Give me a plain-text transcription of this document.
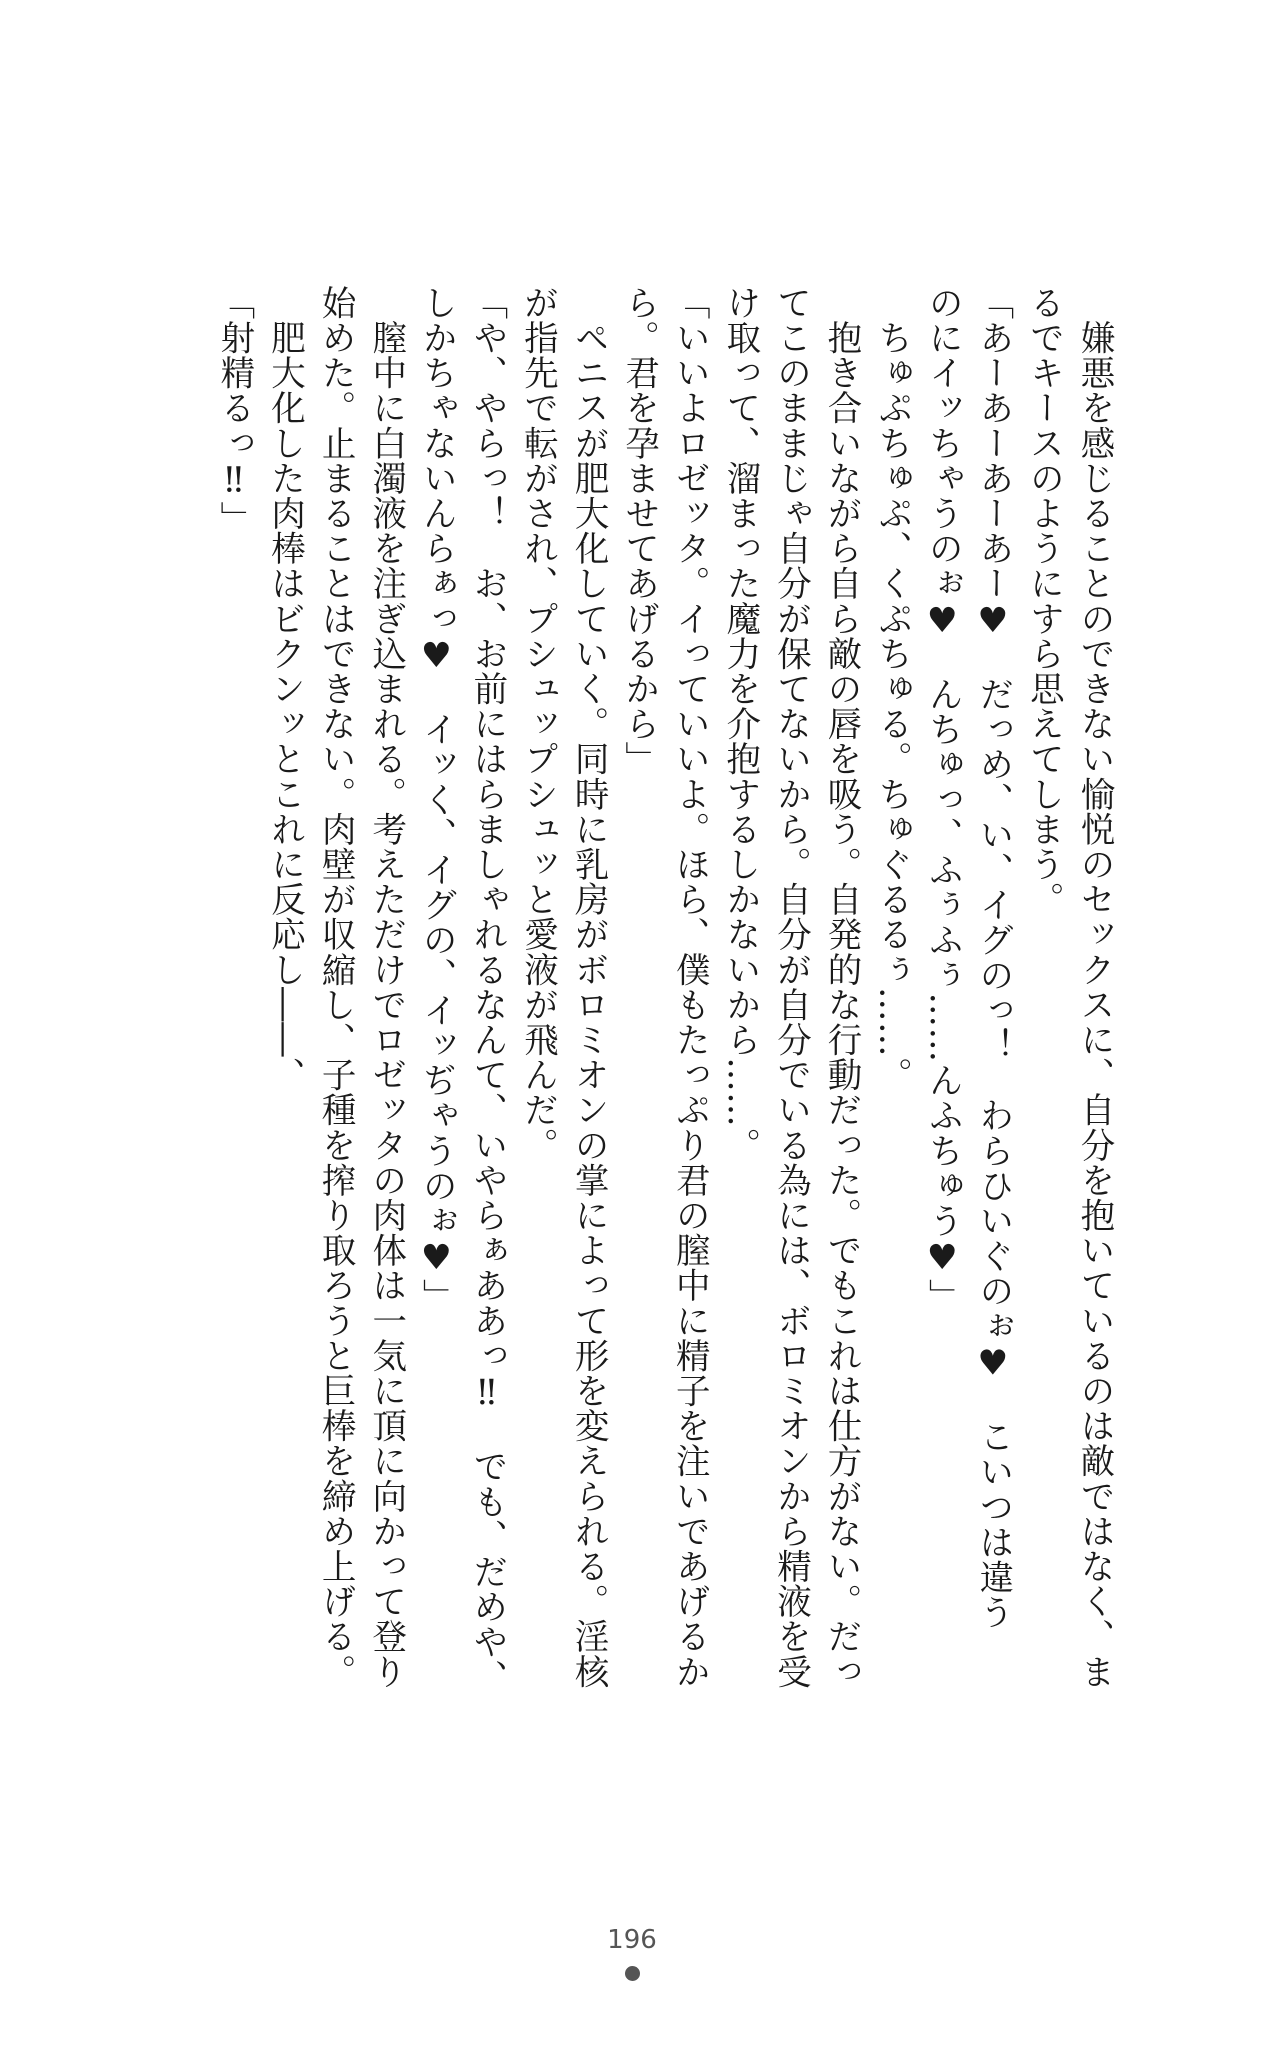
　嫌悪を感じることのできない愉悦のセックスに、自分を抱いているのは敵ではなく、ま
るでキースのようにすら思えてしまう。
「あーあーあーあー♥　だっめ、い、イグのっ！　わらひいぐのぉ♥　こいつは違う
のにイッちゃうのぉ♥　んちゅっ、ふぅふぅ……んふちゅう♥」
　ちゅぷちゅぷ、くぷちゅる。ちゅぐるるぅ……。
　抱き合いながら自ら敵の唇を吸う。自発的な行動だった。でもこれは仕方がない。だっ
てこのままじゃ自分が保てないから。自分が自分でいる為には、ボロミオンから精液を受
け取って、溜まった魔力を介抱するしかないから……。
「いいよロゼッタ。イっていいよ。ほら、僕もたっぷり君の膣中に精子を注いであげるか
ら。君を孕ませてあげるから」
　ペニスが肥大化していく。同時に乳房がボロミオンの掌によって形を変えられる。淫核
が指先で転がされ、プシュップシュッと愛液が飛んだ。
「や、やらっ！　お、お前にはらましゃれるなんて、いやらぁああっ‼　でも、だめや、
しかちゃないんらぁっ♥　イッく、イグの、イッぢゃうのぉ♥」
　膣中に白濁液を注ぎ込まれる。考えただけでロゼッタの肉体は一気に頂に向かって登り
始めた。止まることはできない。肉壁が収縮し、子種を搾り取ろうと巨棒を締め上げる。
　肥大化した肉棒はビクンッとこれに反応し――、
「射精るっ‼」
196
